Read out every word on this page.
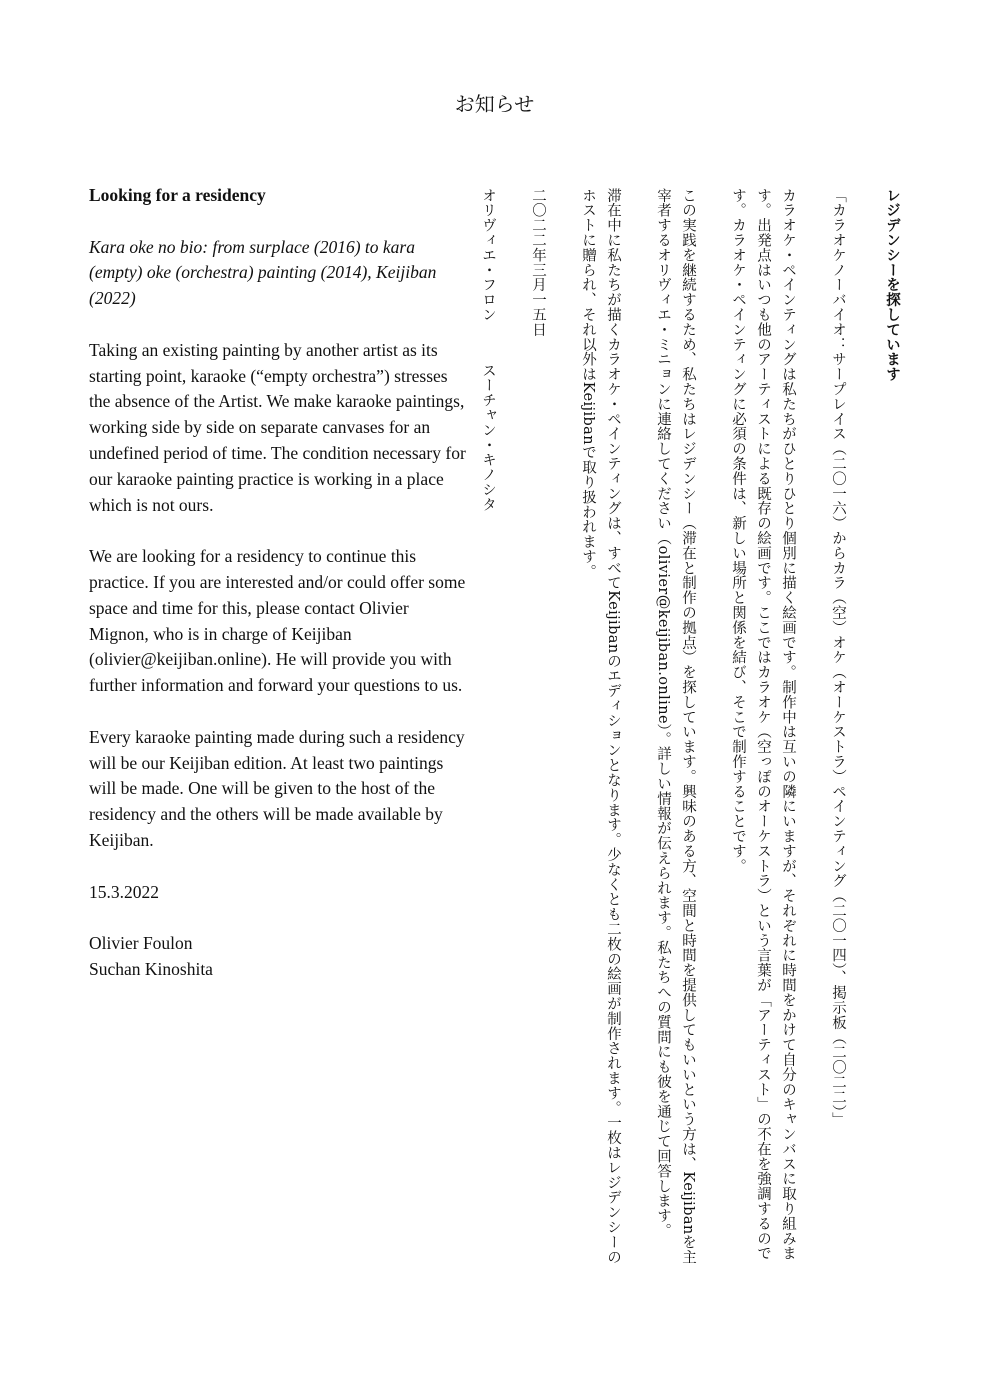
お知らせ

Looking for a residency

Kara oke no bio: from surplace (2016) to kara (empty) oke (orchestra) painting (2014), Keijiban (2022)

Taking an existing painting by another artist as its starting point, karaoke (“empty orchestra”) stresses the absence of the Artist. We make karaoke paintings, working side by side on separate canvases for an undefined period of time. The condition necessary for our karaoke painting practice is working in a place which is not ours.

We are looking for a residency to continue this practice. If you are interested and/or could offer some space and time for this, please contact Olivier Mignon, who is in charge of Keijiban (olivier@keijiban.online). He will provide you with further information and forward your questions to us.

Every karaoke painting made during such a residency will be our Keijiban edition. At least two paintings will be made. One will be given to the host of the residency and the others will be made available by Keijiban.

15.3.2022

Olivier Foulon

Suchan Kinoshita

レジデンシーを探しています

「カラオケノーバイオ：サープレイス（二〇一六）からカラ（空）オケ（オーケストラ）ペインティング（二〇一四）、掲示板（二〇二二）」

カラオケ・ペインティングは私たちがひとりひとり個別に描く絵画です。制作中は互いの隣にいますが、それぞれに時間をかけて自分のキャンバスに取り組みます。出発点はいつも他のアーティストによる既存の絵画です。ここではカラオケ（空っぽのオーケストラ）という言葉が「アーティスト」の不在を強調するのです。カラオケ・ペインティングに必須の条件は、新しい場所と関係を結び、そこで制作することです。

この実践を継続するため、私たちはレジデンシー（滞在と制作の拠点）を探しています。興味のある方、空間と時間を提供してもいいという方は、Keijibanを主宰者するオリヴィエ・ミニョンに連絡してください（olivier@keijiban.online）。詳しい情報が伝えられます。私たちへの質問にも彼を通じて回答します。

滞在中に私たちが描くカラオケ・ペインティングは、すべてKeijibanのエディションとなります。少なくとも二枚の絵画が制作されます。一枚はレジデンシーのホストに贈られ、それ以外はKeijibanで取り扱われます。

二〇二二年三月一五日

オリヴィエ・フロン スーチャン・キノシタ
